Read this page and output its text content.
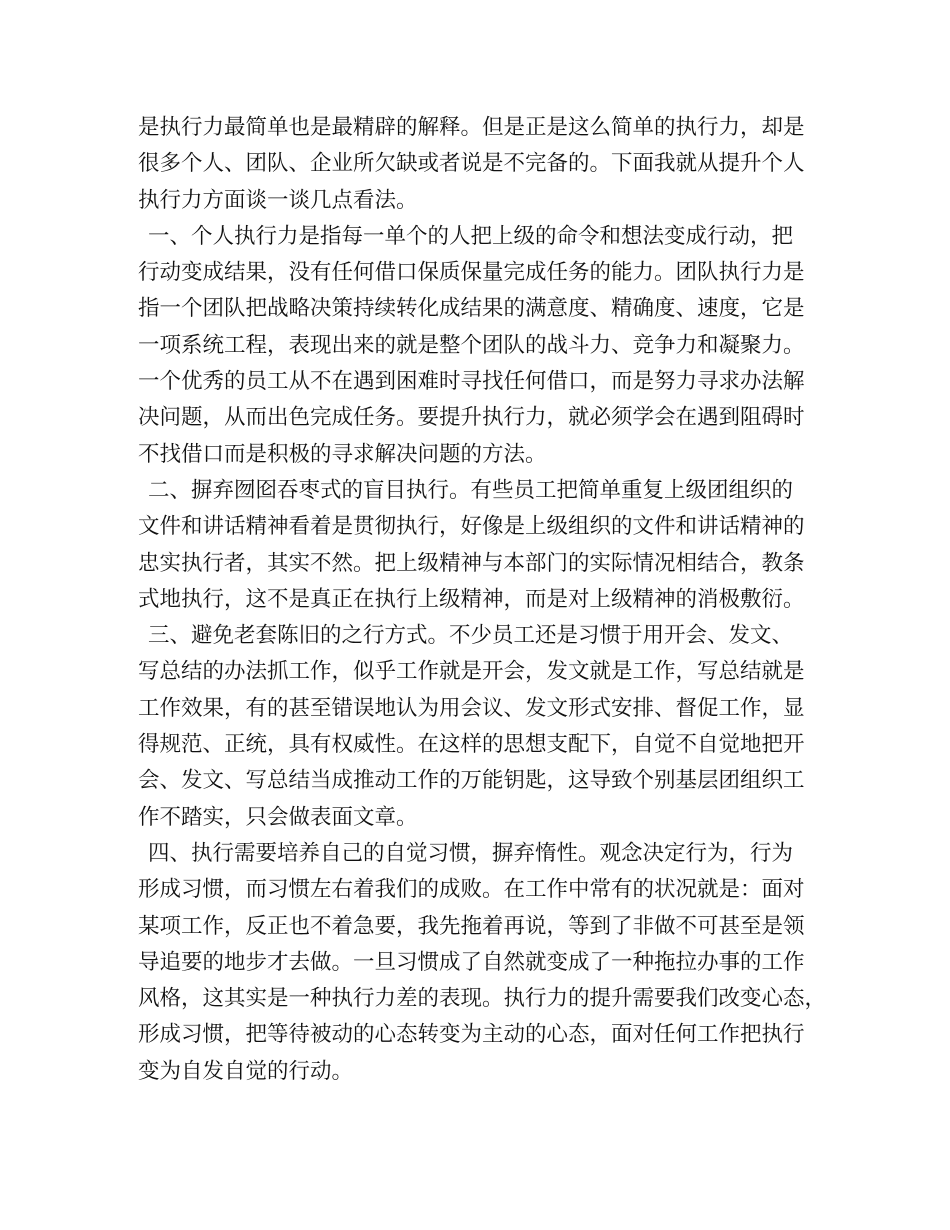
是执行力最简单也是最精辟的解释。但是正是这么简单的执行力，却是
很多个人、团队、企业所欠缺或者说是不完备的。下面我就从提升个人
执行力方面谈一谈几点看法。
一、个人执行力是指每一单个的人把上级的命令和想法变成行动，把
行动变成结果，没有任何借口保质保量完成任务的能力。团队执行力是
指一个团队把战略决策持续转化成结果的满意度、精确度、速度，它是
一项系统工程，表现出来的就是整个团队的战斗力、竞争力和凝聚力。
一个优秀的员工从不在遇到困难时寻找任何借口，而是努力寻求办法解
决问题，从而出色完成任务。要提升执行力，就必须学会在遇到阻碍时
不找借口而是积极的寻求解决问题的方法。
二、摒弃囫囵吞枣式的盲目执行。有些员工把简单重复上级团组织的
文件和讲话精神看着是贯彻执行，好像是上级组织的文件和讲话精神的
忠实执行者，其实不然。把上级精神与本部门的实际情况相结合，教条
式地执行，这不是真正在执行上级精神，而是对上级精神的消极敷衍。
三、避免老套陈旧的之行方式。不少员工还是习惯于用开会、发文、
写总结的办法抓工作，似乎工作就是开会，发文就是工作，写总结就是
工作效果，有的甚至错误地认为用会议、发文形式安排、督促工作，显
得规范、正统，具有权威性。在这样的思想支配下，自觉不自觉地把开
会、发文、写总结当成推动工作的万能钥匙，这导致个别基层团组织工
作不踏实，只会做表面文章。
四、执行需要培养自己的自觉习惯，摒弃惰性。观念决定行为，行为
形成习惯，而习惯左右着我们的成败。在工作中常有的状况就是：面对
某项工作，反正也不着急要，我先拖着再说，等到了非做不可甚至是领
导追要的地步才去做。一旦习惯成了自然就变成了一种拖拉办事的工作
风格，这其实是一种执行力差的表现。执行力的提升需要我们改变心态，
形成习惯，把等待被动的心态转变为主动的心态，面对任何工作把执行
变为自发自觉的行动。
